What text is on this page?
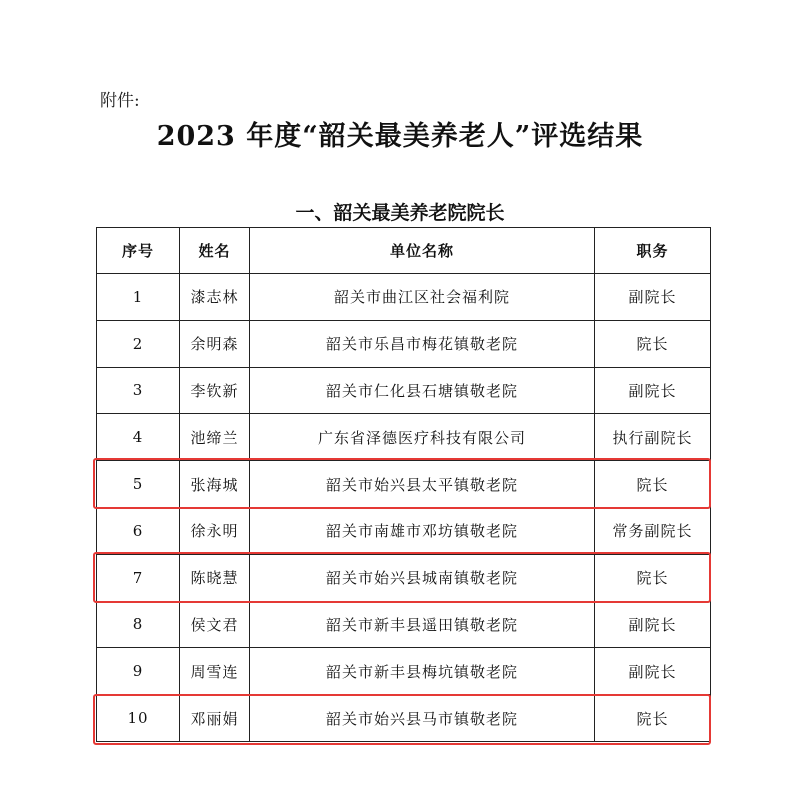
附件:
2023 年度“韶关最美养老人”评选结果
一、韶关最美养老院院长
序号	姓名	单位名称	职务
1	漆志林	韶关市曲江区社会福利院	副院长
2	余明森	韶关市乐昌市梅花镇敬老院	院长
3	李钦新	韶关市仁化县石塘镇敬老院	副院长
4	池缔兰	广东省泽德医疗科技有限公司	执行副院长
5	张海城	韶关市始兴县太平镇敬老院	院长
6	徐永明	韶关市南雄市邓坊镇敬老院	常务副院长
7	陈晓慧	韶关市始兴县城南镇敬老院	院长
8	侯文君	韶关市新丰县遥田镇敬老院	副院长
9	周雪连	韶关市新丰县梅坑镇敬老院	副院长
10	邓丽娟	韶关市始兴县马市镇敬老院	院长
